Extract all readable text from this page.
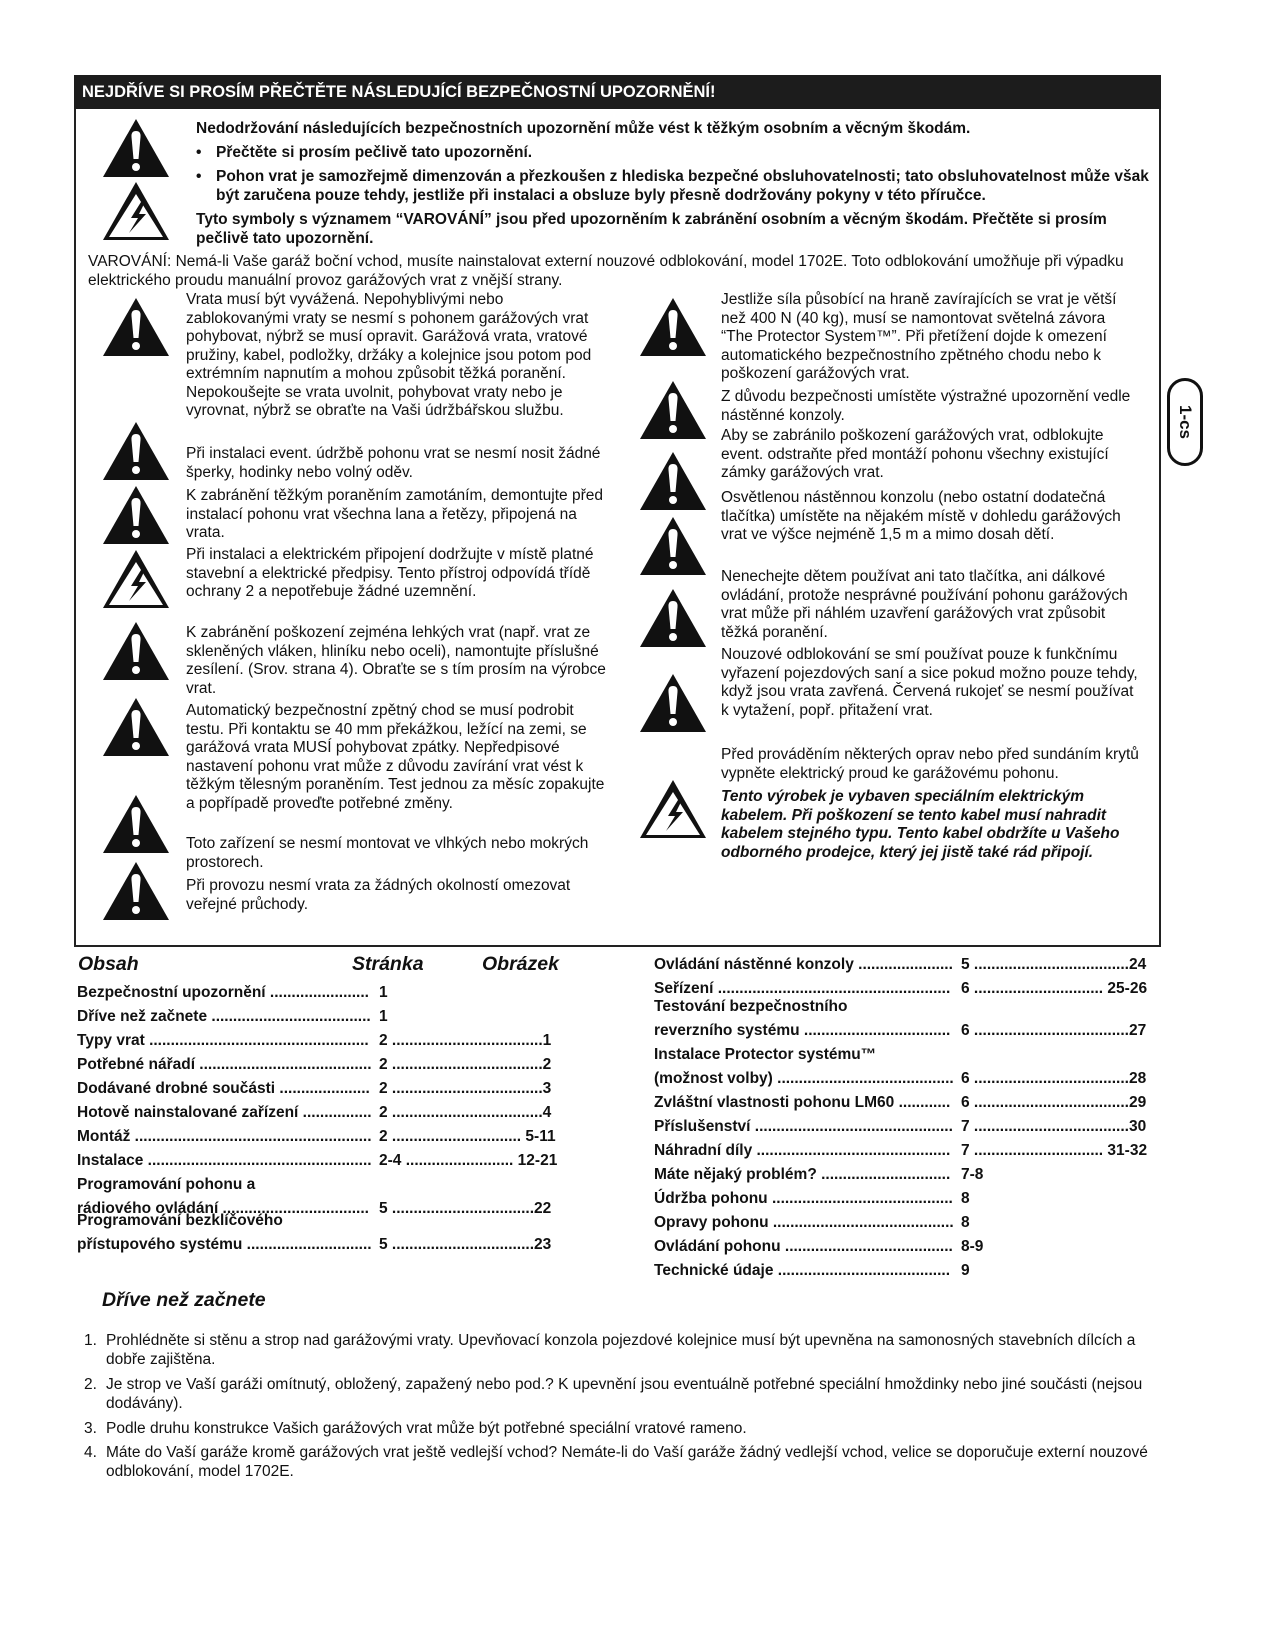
NEJDŘÍVE SI PROSÍM PŘEČTĚTE NÁSLEDUJÍCÍ BEZPEČNOSTNÍ UPOZORNĚNÍ!
Nedodržování následujících bezpečnostních upozornění může vést k těžkým osobním a věcným škodám.
• Přečtěte si prosím pečlivě tato upozornění.
• Pohon vrat je samozřejmě dimenzován a přezkoušen z hlediska bezpečné obsluhovatelnosti; tato obsluhovatelnost může však být zaručena pouze tehdy, jestliže při instalaci a obsluze byly přesně dodržovány pokyny v této příručce.
Tyto symboly s významem “VAROVÁNÍ” jsou před upozorněním k zabránění osobním a věcným škodám. Přečtěte si prosím pečlivě tato upozornění.
VAROVÁNÍ: Nemá-li Vaše garáž boční vchod, musíte nainstalovat externí nouzové odblokování, model 1702E. Toto odblokování umožňuje při výpadku elektrického proudu manuální provoz garážových vrat z vnější strany.
Vrata musí být vyvážená. Nepohyblivými nebo zablokovanými vraty se nesmí s pohonem garážových vrat pohybovat, nýbrž se musí opravit. Garážová vrata, vratové pružiny, kabel, podložky, držáky a kolejnice jsou potom pod extrémním napnutím a mohou způsobit těžká poranění. Nepokoušejte se vrata uvolnit, pohybovat vraty nebo je vyrovnat, nýbrž se obraťte na Vaši údržbářskou službu.
Při instalaci event. údržbě pohonu vrat se nesmí nosit žádné šperky, hodinky nebo volný oděv.
K zabránění těžkým poraněním zamotáním, demontujte před instalací pohonu vrat všechna lana a řetězy, připojená na vrata.
Při instalaci a elektrickém připojení dodržujte v místě platné stavební a elektrické předpisy. Tento přístroj odpovídá třídě ochrany 2 a nepotřebuje žádné uzemnění.
K zabránění poškození zejména lehkých vrat (např. vrat ze skleněných vláken, hliníku nebo oceli), namontujte příslušné zesílení. (Srov. strana 4). Obraťte se s tím prosím na výrobce vrat.
Automatický bezpečnostní zpětný chod se musí podrobit testu. Při kontaktu se 40 mm překážkou, ležící na zemi, se garážová vrata MUSÍ pohybovat zpátky. Nepředpisové nastavení pohonu vrat může z důvodu zavírání vrat vést k těžkým tělesným poraněním. Test jednou za měsíc zopakujte a popřípadě proveďte potřebné změny.
Toto zařízení se nesmí montovat ve vlhkých nebo mokrých prostorech.
Při provozu nesmí vrata za žádných okolností omezovat veřejné průchody.
Jestliže síla působící na hraně zavírajících se vrat je větší než 400 N (40 kg), musí se namontovat světelná závora “The Protector System™”. Při přetížení dojde k omezení automatického bezpečnostního zpětného chodu nebo k poškození garážových vrat.
Z důvodu bezpečnosti umístěte výstražné upozornění vedle nástěnné konzoly.
Aby se zabránilo poškození garážových vrat, odblokujte event. odstraňte před montáží pohonu všechny existující zámky garážových vrat.
Osvětlenou nástěnnou konzolu (nebo ostatní dodatečná tlačítka) umístěte na nějakém místě v dohledu garážových vrat ve výšce nejméně 1,5 m a mimo dosah dětí.
Nenechejte dětem používat ani tato tlačítka, ani dálkové ovládání, protože nesprávné používání pohonu garážových vrat může při náhlém uzavření garážových vrat způsobit těžká poranění.
Nouzové odblokování se smí používat pouze k funkčnímu vyřazení pojezdových saní a sice pokud možno pouze tehdy, když jsou vrata zavřená. Červená rukojeť se nesmí používat k vytažení, popř. přitažení vrat.
Před prováděním některých oprav nebo před sundáním krytů vypněte elektrický proud ke garážovému pohonu.
Tento výrobek je vybaven speciálním elektrickým kabelem. Při poškození se tento kabel musí nahradit kabelem stejného typu. Tento kabel obdržíte u Vašeho odborného prodejce, který jej jistě také rád připojí.
1-cs
Obsah	Stránka	Obrázek
Dříve než začnete
1. Prohlédněte si stěnu a strop nad garážovými vraty. Upevňovací konzola pojezdové kolejnice musí být upevněna na samonosných stavebních dílcích a dobře zajištěna.
2. Je strop ve Vaší garáži omítnutý, obložený, zapažený nebo pod.? K upevnění jsou eventuálně potřebné speciální hmoždinky nebo jiné součásti (nejsou dodávány).
3. Podle druhu konstrukce Vašich garážových vrat může být potřebné speciální vratové rameno.
4. Máte do Vaší garáže kromě garážových vrat ještě vedlejší vchod? Nemáte-li do Vaší garáže žádný vedlejší vchod, velice se doporučuje externí nouzové odblokování, model 1702E.
Bezpečnostní upozornění ....................... 1
Dříve než začnete ..................................... 1
Typy vrat ................................................... 2 ...................................1
Potřebné nářadí ........................................ 2 ...................................2
Dodávané drobné součásti ..................... 2 ...................................3
Hotově nainstalované zařízení ................ 2 ...................................4
Montáž ....................................................... 2 .............................. 5-11
Instalace .................................................... 2-4 ......................... 12-21
Programování pohonu a
rádiového ovládání .................................. 5 .................................22
Programování bezklíčového
přístupového systému ............................. 5 .................................23
Ovládání nástěnné konzoly ...................... 5 ....................................24
Seřízení ...................................................... 6 .............................. 25-26
Testování bezpečnostního
reverzního systému .................................. 6 ....................................27
Instalace Protector systému™
(možnost volby) ......................................... 6 ....................................28
Zvláštní vlastnosti pohonu LM60 ............ 6 ....................................29
Příslušenství .............................................. 7 ....................................30
Náhradní díly ............................................. 7 .............................. 31-32
Máte nějaký problém? .............................. 7-8
Údržba pohonu .......................................... 8
Opravy pohonu .......................................... 8
Ovládání pohonu ....................................... 8-9
Technické údaje ........................................ 9
